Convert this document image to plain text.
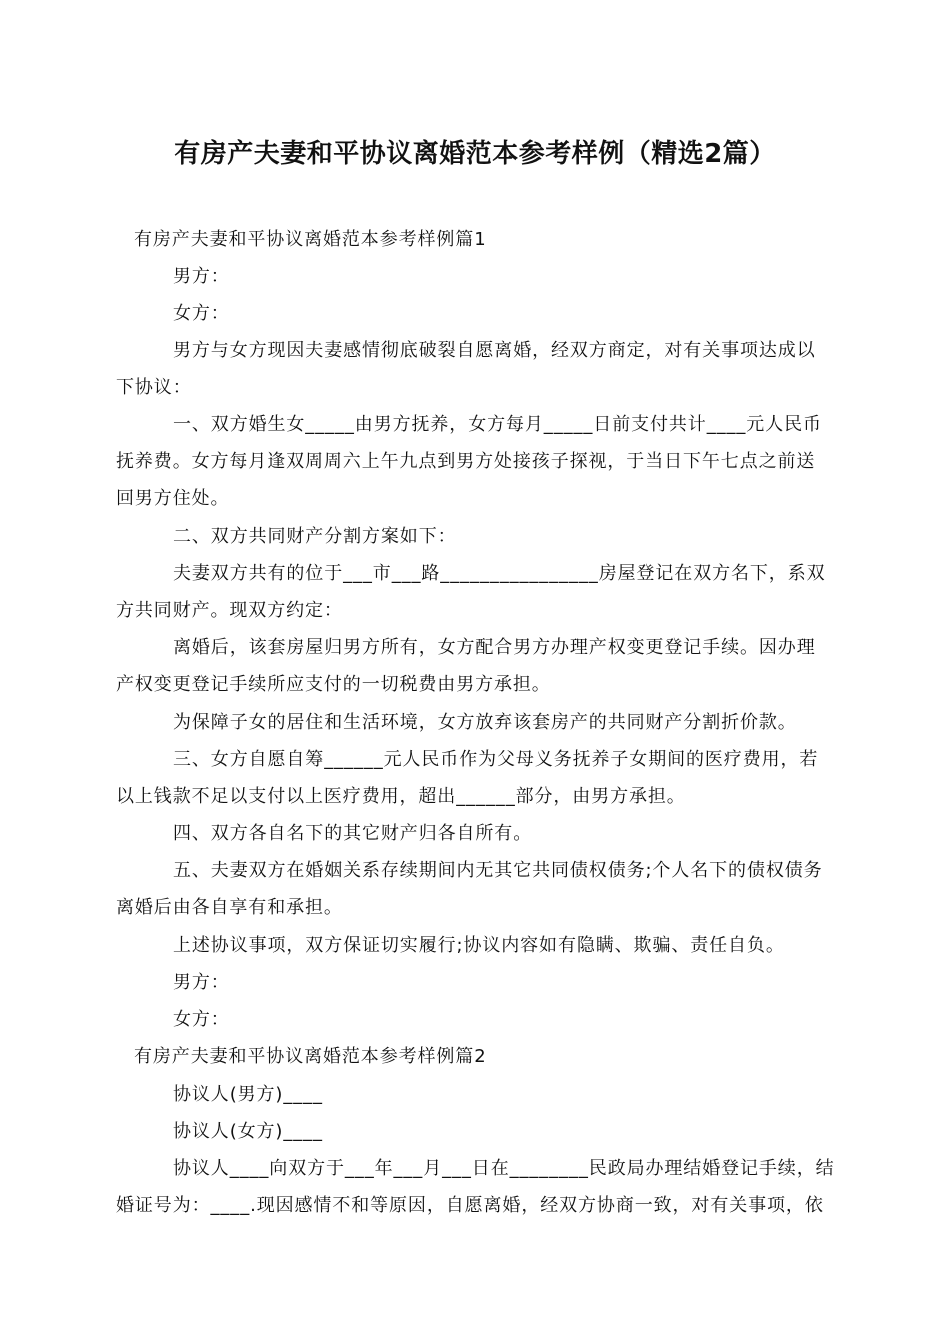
有房产夫妻和平协议离婚范本参考样例（精选2篇）
有房产夫妻和平协议离婚范本参考样例篇1
男方：
女方：
男方与女方现因夫妻感情彻底破裂自愿离婚，经双方商定，对有关事项达成以
下协议：
一、双方婚生女_____由男方抚养，女方每月_____日前支付共计____元人民币
抚养费。女方每月逢双周周六上午九点到男方处接孩子探视，于当日下午七点之前送
回男方住处。
二、双方共同财产分割方案如下：
夫妻双方共有的位于___市___路________________房屋登记在双方名下，系双
方共同财产。现双方约定：
离婚后，该套房屋归男方所有，女方配合男方办理产权变更登记手续。因办理
产权变更登记手续所应支付的一切税费由男方承担。
为保障子女的居住和生活环境，女方放弃该套房产的共同财产分割折价款。
三、女方自愿自筹______元人民币作为父母义务抚养子女期间的医疗费用，若
以上钱款不足以支付以上医疗费用，超出______部分，由男方承担。
四、双方各自名下的其它财产归各自所有。
五、夫妻双方在婚姻关系存续期间内无其它共同债权债务;个人名下的债权债务
离婚后由各自享有和承担。
上述协议事项，双方保证切实履行;协议内容如有隐瞒、欺骗、责任自负。
男方：
女方：
有房产夫妻和平协议离婚范本参考样例篇2
协议人(男方)____
协议人(女方)____
协议人____向双方于___年___月___日在________民政局办理结婚登记手续，结
婚证号为：____.现因感情不和等原因，自愿离婚，经双方协商一致，对有关事项，依
